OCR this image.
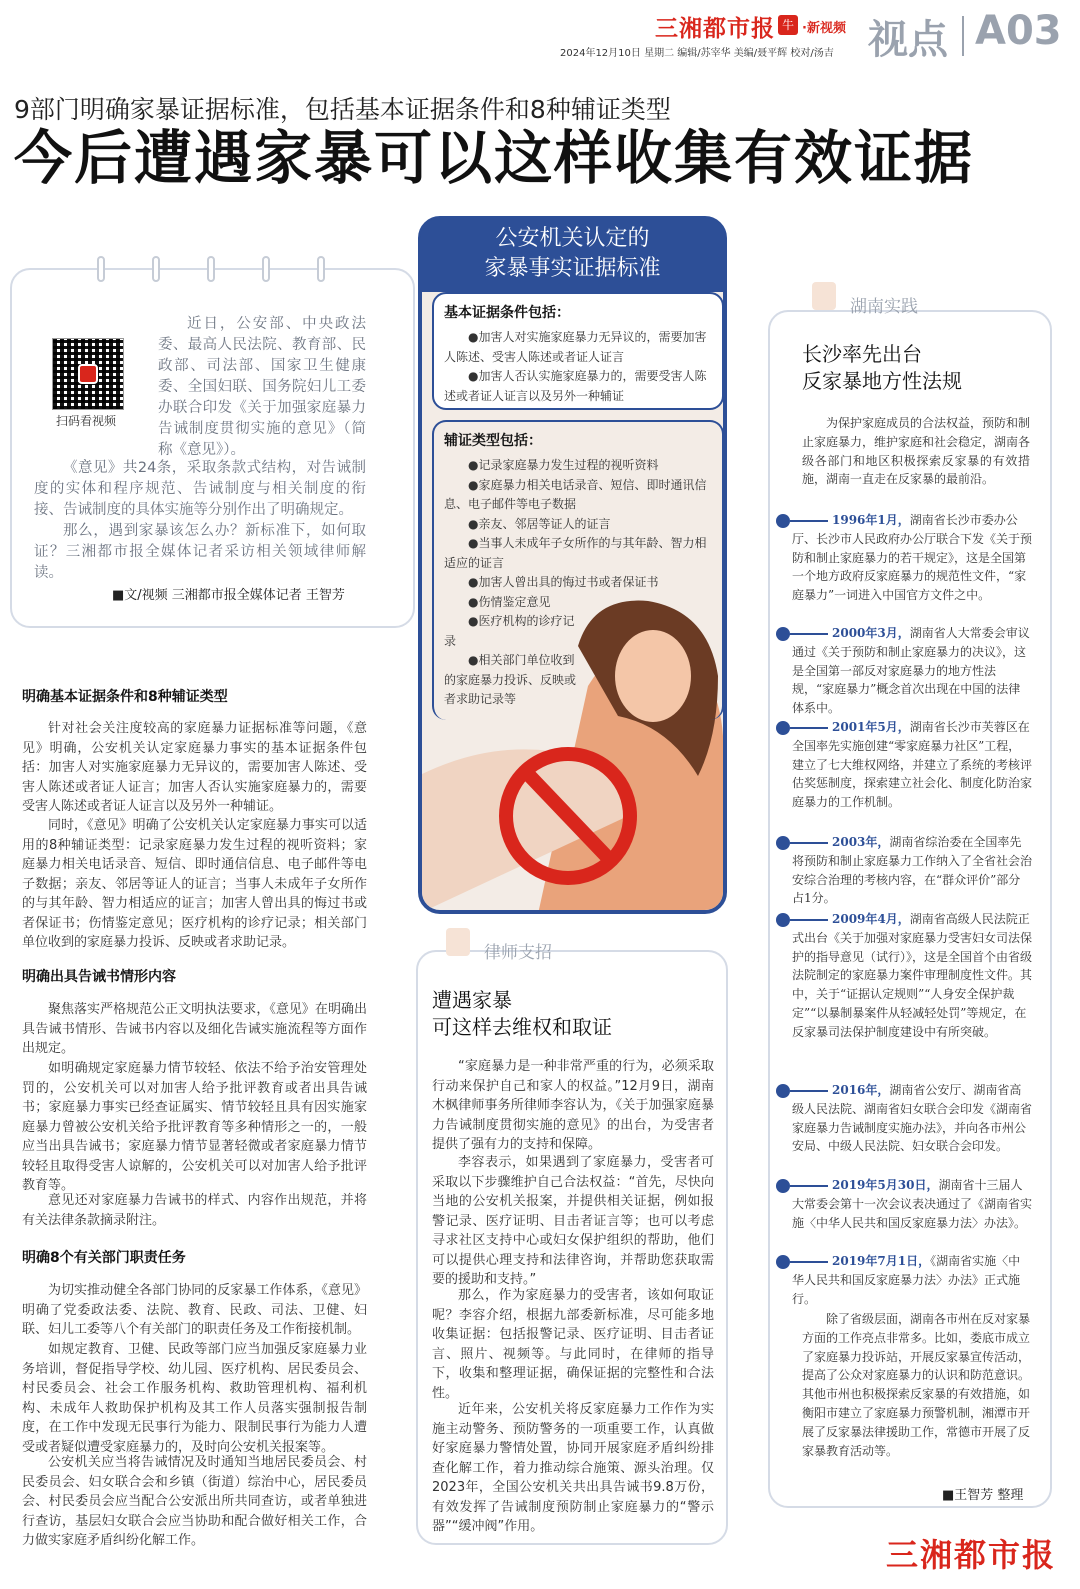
三湘都市报 牛 ·新视频
2024年12月10日 星期二 编辑/苏宰华 美编/聂平辉 校对/汤吉 视点 A03
9部门明确家暴证据标准，包括基本证据条件和8种辅证类型
今后遭遇家暴可以这样收集有效证据
扫码看视频
近日，公安部、中央政法委、最高人民法院、教育部、民政部、司法部、国家卫生健康委、全国妇联、国务院妇儿工委办联合印发《关于加强家庭暴力告诫制度贯彻实施的意见》（简称《意见》）。
《意见》共24条，采取条款式结构，对告诫制度的实体和程序规范、告诫制度与相关制度的衔接、告诫制度的具体实施等分别作出了明确规定。
那么，遇到家暴该怎么办？新标准下，如何取证？三湘都市报全媒体记者采访相关领域律师解读。
■文/视频 三湘都市报全媒体记者 王智芳
明确基本证据条件和8种辅证类型
针对社会关注度较高的家庭暴力证据标准等问题，《意见》明确，公安机关认定家庭暴力事实的基本证据条件包括：加害人对实施家庭暴力无异议的，需要加害人陈述、受害人陈述或者证人证言；加害人否认实施家庭暴力的，需要受害人陈述或者证人证言以及另外一种辅证。
同时，《意见》明确了公安机关认定家庭暴力事实可以适用的8种辅证类型：记录家庭暴力发生过程的视听资料；家庭暴力相关电话录音、短信、即时通信信息、电子邮件等电子数据；亲友、邻居等证人的证言；当事人未成年子女所作的与其年龄、智力相适应的证言；加害人曾出具的悔过书或者保证书；伤情鉴定意见；医疗机构的诊疗记录；相关部门单位收到的家庭暴力投诉、反映或者求助记录。
明确出具告诫书情形内容
聚焦落实严格规范公正文明执法要求，《意见》在明确出具告诫书情形、告诫书内容以及细化告诫实施流程等方面作出规定。
如明确规定家庭暴力情节较轻、依法不给予治安管理处罚的，公安机关可以对加害人给予批评教育或者出具告诫书；家庭暴力事实已经查证属实、情节较轻且具有因实施家庭暴力曾被公安机关给予批评教育等多种情形之一的，一般应当出具告诫书；家庭暴力情节显著轻微或者家庭暴力情节较轻且取得受害人谅解的，公安机关可以对加害人给予批评教育等。
意见还对家庭暴力告诫书的样式、内容作出规范，并将有关法律条款摘录附注。
明确8个有关部门职责任务
为切实推动健全各部门协同的反家暴工作体系，《意见》明确了党委政法委、法院、教育、民政、司法、卫健、妇联、妇儿工委等八个有关部门的职责任务及工作衔接机制。
如规定教育、卫健、民政等部门应当加强反家庭暴力业务培训，督促指导学校、幼儿园、医疗机构、居民委员会、村民委员会、社会工作服务机构、救助管理机构、福利机构、未成年人救助保护机构及其工作人员落实强制报告制度，在工作中发现无民事行为能力、限制民事行为能力人遭受或者疑似遭受家庭暴力的，及时向公安机关报案等。
公安机关应当将告诫情况及时通知当地居民委员会、村民委员会、妇女联合会和乡镇（街道）综治中心，居民委员会、村民委员会应当配合公安派出所共同查访，或者单独进行查访，基层妇女联合会应当协助和配合做好相关工作，合力做实家庭矛盾纠纷化解工作。
公安机关认定的
家暴事实证据标准
基本证据条件包括：
●加害人对实施家庭暴力无异议的，需要加害人陈述、受害人陈述或者证人证言
●加害人否认实施家庭暴力的，需要受害人陈述或者证人证言以及另外一种辅证
辅证类型包括：
●记录家庭暴力发生过程的视听资料
●家庭暴力相关电话录音、短信、即时通讯信息、电子邮件等电子数据
●亲友、邻居等证人的证言
●当事人未成年子女所作的与其年龄、智力相适应的证言
●加害人曾出具的悔过书或者保证书
●伤情鉴定意见
●医疗机构的诊疗记录
●相关部门单位收到的家庭暴力投诉、反映或者求助记录等
律师支招
遭遇家暴
可这样去维权和取证
“家庭暴力是一种非常严重的行为，必须采取行动来保护自己和家人的权益。”12月9日，湖南木枫律师事务所律师李容认为，《关于加强家庭暴力告诫制度贯彻实施的意见》的出台，为受害者提供了强有力的支持和保障。
李容表示，如果遇到了家庭暴力，受害者可采取以下步骤维护自己合法权益：“首先，尽快向当地的公安机关报案，并提供相关证据，例如报警记录、医疗证明、目击者证言等；也可以考虑寻求社区支持中心或妇女保护组织的帮助，他们可以提供心理支持和法律咨询，并帮助您获取需要的援助和支持。”
那么，作为家庭暴力的受害者，该如何取证呢？李容介绍，根据九部委新标准，尽可能多地收集证据：包括报警记录、医疗证明、目击者证言、照片、视频等。与此同时，在律师的指导下，收集和整理证据，确保证据的完整性和合法性。
近年来，公安机关将反家庭暴力工作作为实施主动警务、预防警务的一项重要工作，认真做好家庭暴力警情处置，协同开展家庭矛盾纠纷排查化解工作，着力推动综合施策、源头治理。仅2023年，全国公安机关共出具告诫书9.8万份，有效发挥了告诫制度预防制止家庭暴力的“警示器”“缓冲阀”作用。
湖南实践
长沙率先出台
反家暴地方性法规
为保护家庭成员的合法权益，预防和制止家庭暴力，维护家庭和社会稳定，湖南各级各部门和地区积极探索反家暴的有效措施，湖南一直走在反家暴的最前沿。
1996年1月，湖南省长沙市委办公厅、长沙市人民政府办公厅联合下发《关于预防和制止家庭暴力的若干规定》，这是全国第一个地方政府反家庭暴力的规范性文件，“家庭暴力”一词进入中国官方文件之中。
2000年3月，湖南省人大常委会审议通过《关于预防和制止家庭暴力的决议》，这是全国第一部反对家庭暴力的地方性法规，“家庭暴力”概念首次出现在中国的法律体系中。
2001年5月，湖南省长沙市芙蓉区在全国率先实施创建“零家庭暴力社区”工程，建立了七大维权网络，并建立了系统的考核评估奖惩制度，探索建立社会化、制度化防治家庭暴力的工作机制。
2003年，湖南省综治委在全国率先将预防和制止家庭暴力工作纳入了全省社会治安综合治理的考核内容，在“群众评价”部分占1分。
2009年4月，湖南省高级人民法院正式出台《关于加强对家庭暴力受害妇女司法保护的指导意见（试行）》，这是全国首个由省级法院制定的家庭暴力案件审理制度性文件。其中，关于“证据认定规则”“人身安全保护裁定”“以暴制暴案件从轻减轻处罚”等规定，在反家暴司法保护制度建设中有所突破。
2016年，湖南省公安厅、湖南省高级人民法院、湖南省妇女联合会印发《湖南省家庭暴力告诫制度实施办法》，并向各市州公安局、中级人民法院、妇女联合会印发。
2019年5月30日，湖南省十三届人大常委会第十一次会议表决通过了《湖南省实施〈中华人民共和国反家庭暴力法〉办法》。
2019年7月1日，《湖南省实施〈中华人民共和国反家庭暴力法〉办法》正式施行。
除了省级层面，湖南各市州在反对家暴方面的工作亮点非常多。比如，娄底市成立了家庭暴力投诉站，开展反家暴宣传活动，提高了公众对家庭暴力的认识和防范意识。其他市州也积极探索反家暴的有效措施，如衡阳市建立了家庭暴力预警机制，湘潭市开展了反家暴法律援助工作，常德市开展了反家暴教育活动等。
■王智芳 整理
三湘都市报
